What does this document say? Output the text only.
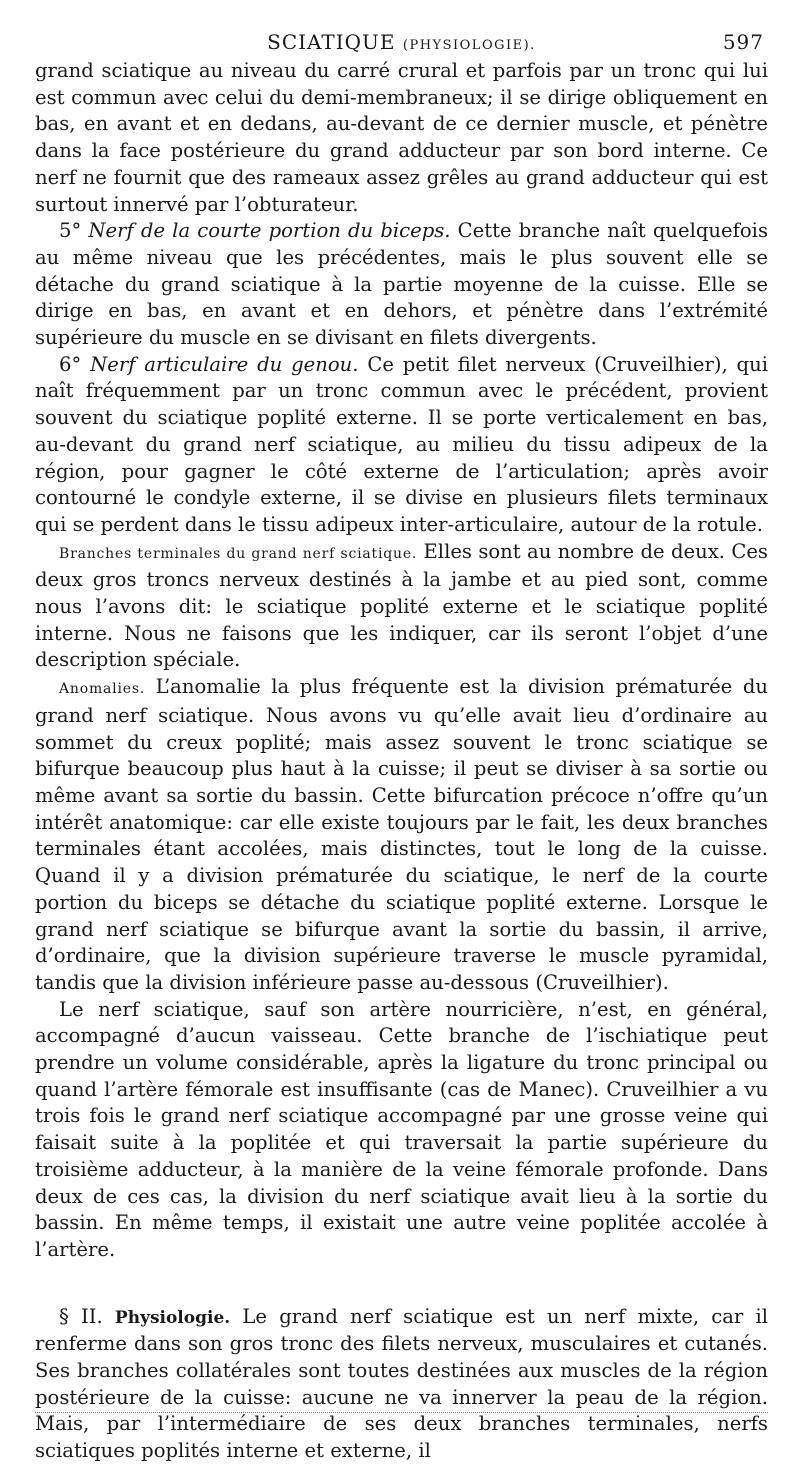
SCIATIQUE (PHYSIOLOGIE).	597

grand sciatique au niveau du carré crural et parfois par un tronc qui lui est commun avec celui du demi-membraneux; il se dirige obliquement en bas, en avant et en dedans, au-devant de ce dernier muscle, et pénètre dans la face postérieure du grand adducteur par son bord interne. Ce nerf ne fournit que des rameaux assez grêles au grand adducteur qui est surtout innervé par l’obturateur.

5° Nerf de la courte portion du biceps. Cette branche naît quelquefois au même niveau que les précédentes, mais le plus souvent elle se détache du grand sciatique à la partie moyenne de la cuisse. Elle se dirige en bas, en avant et en dehors, et pénètre dans l’extrémité supérieure du muscle en se divisant en filets divergents.

6° Nerf articulaire du genou. Ce petit filet nerveux (Cruveilhier), qui naît fréquemment par un tronc commun avec le précédent, provient souvent du sciatique poplité externe. Il se porte verticalement en bas, au-devant du grand nerf sciatique, au milieu du tissu adipeux de la région, pour gagner le côté externe de l’articulation; après avoir contourné le condyle externe, il se divise en plusieurs filets terminaux qui se perdent dans le tissu adipeux inter-articulaire, autour de la rotule.

Branches terminales du grand nerf sciatique. Elles sont au nombre de deux. Ces deux gros troncs nerveux destinés à la jambe et au pied sont, comme nous l’avons dit: le sciatique poplité externe et le sciatique poplité interne. Nous ne faisons que les indiquer, car ils seront l’objet d’une description spéciale.

Anomalies. L’anomalie la plus fréquente est la division prématurée du grand nerf sciatique. Nous avons vu qu’elle avait lieu d’ordinaire au sommet du creux poplité; mais assez souvent le tronc sciatique se bifurque beaucoup plus haut à la cuisse; il peut se diviser à sa sortie ou même avant sa sortie du bassin. Cette bifurcation précoce n’offre qu’un intérêt anatomique: car elle existe toujours par le fait, les deux branches terminales étant accolées, mais distinctes, tout le long de la cuisse. Quand il y a division prématurée du sciatique, le nerf de la courte portion du biceps se détache du sciatique poplité externe. Lorsque le grand nerf sciatique se bifurque avant la sortie du bassin, il arrive, d’ordinaire, que la division supérieure traverse le muscle pyramidal, tandis que la division inférieure passe au-dessous (Cruveilhier).

Le nerf sciatique, sauf son artère nourricière, n’est, en général, accompagné d’aucun vaisseau. Cette branche de l’ischiatique peut prendre un volume considérable, après la ligature du tronc principal ou quand l’artère fémorale est insuffisante (cas de Manec). Cruveilhier a vu trois fois le grand nerf sciatique accompagné par une grosse veine qui faisait suite à la poplitée et qui traversait la partie supérieure du troisième adducteur, à la manière de la veine fémorale profonde. Dans deux de ces cas, la division du nerf sciatique avait lieu à la sortie du bassin. En même temps, il existait une autre veine poplitée accolée à l’artère.

§ II. Physiologie. Le grand nerf sciatique est un nerf mixte, car il renferme dans son gros tronc des filets nerveux, musculaires et cutanés. Ses branches collatérales sont toutes destinées aux muscles de la région postérieure de la cuisse: aucune ne va innerver la peau de la région. Mais, par l’intermédiaire de ses deux branches terminales, nerfs sciatiques poplités interne et externe, il
